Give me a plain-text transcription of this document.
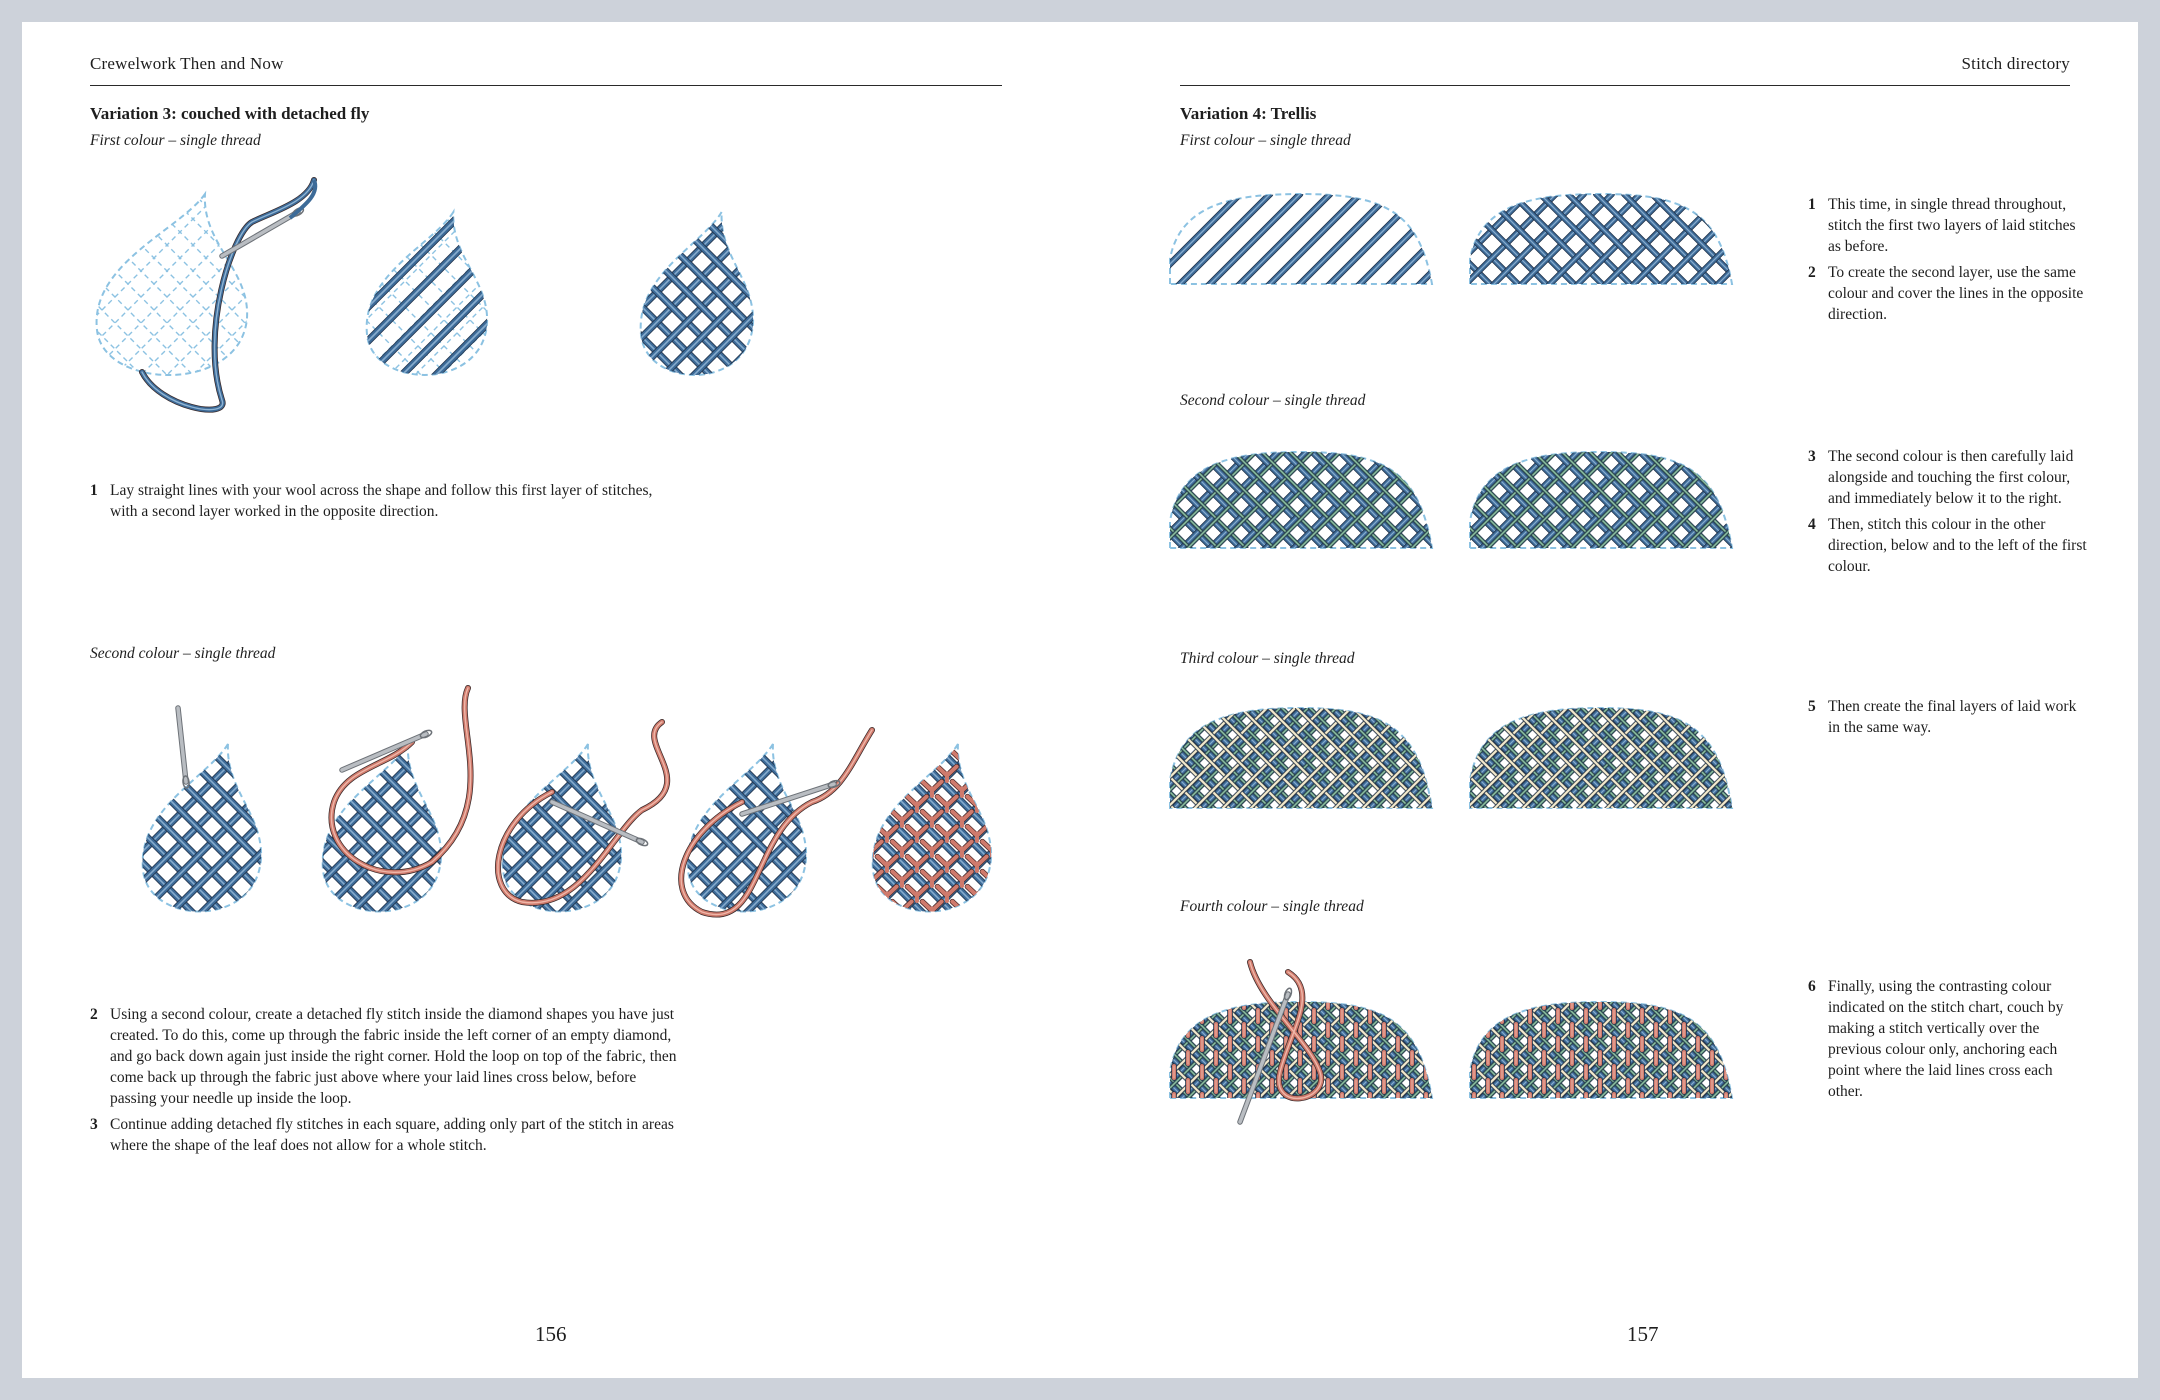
Crewelwork Then and Now
Variation 3: couched with detached fly
First colour – single thread
1 Lay straight lines with your wool across the shape and follow this first layer of stitches, with a second layer worked in the opposite direction.
Second colour – single thread
2 Using a second colour, create a detached fly stitch inside the diamond shapes you have just created. To do this, come up through the fabric inside the left corner of an empty diamond, and go back down again just inside the right corner. Hold the loop on top of the fabric, then come back up through the fabric just above where your laid lines cross below, before passing your needle up inside the loop.
3 Continue adding detached fly stitches in each square, adding only part of the stitch in areas where the shape of the leaf does not allow for a whole stitch.
156
Stitch directory
Variation 4: Trellis
First colour – single thread
Second colour – single thread
Third colour – single thread
Fourth colour – single thread
1 This time, in single thread throughout, stitch the first two layers of laid stitches as before.
2 To create the second layer, use the same colour and cover the lines in the opposite direction.
3 The second colour is then carefully laid alongside and touching the first colour, and immediately below it to the right.
4 Then, stitch this colour in the other direction, below and to the left of the first colour.
5 Then create the final layers of laid work in the same way.
6 Finally, using the contrasting colour indicated on the stitch chart, couch by making a stitch vertically over the previous colour only, anchoring each point where the laid lines cross each other.
157
